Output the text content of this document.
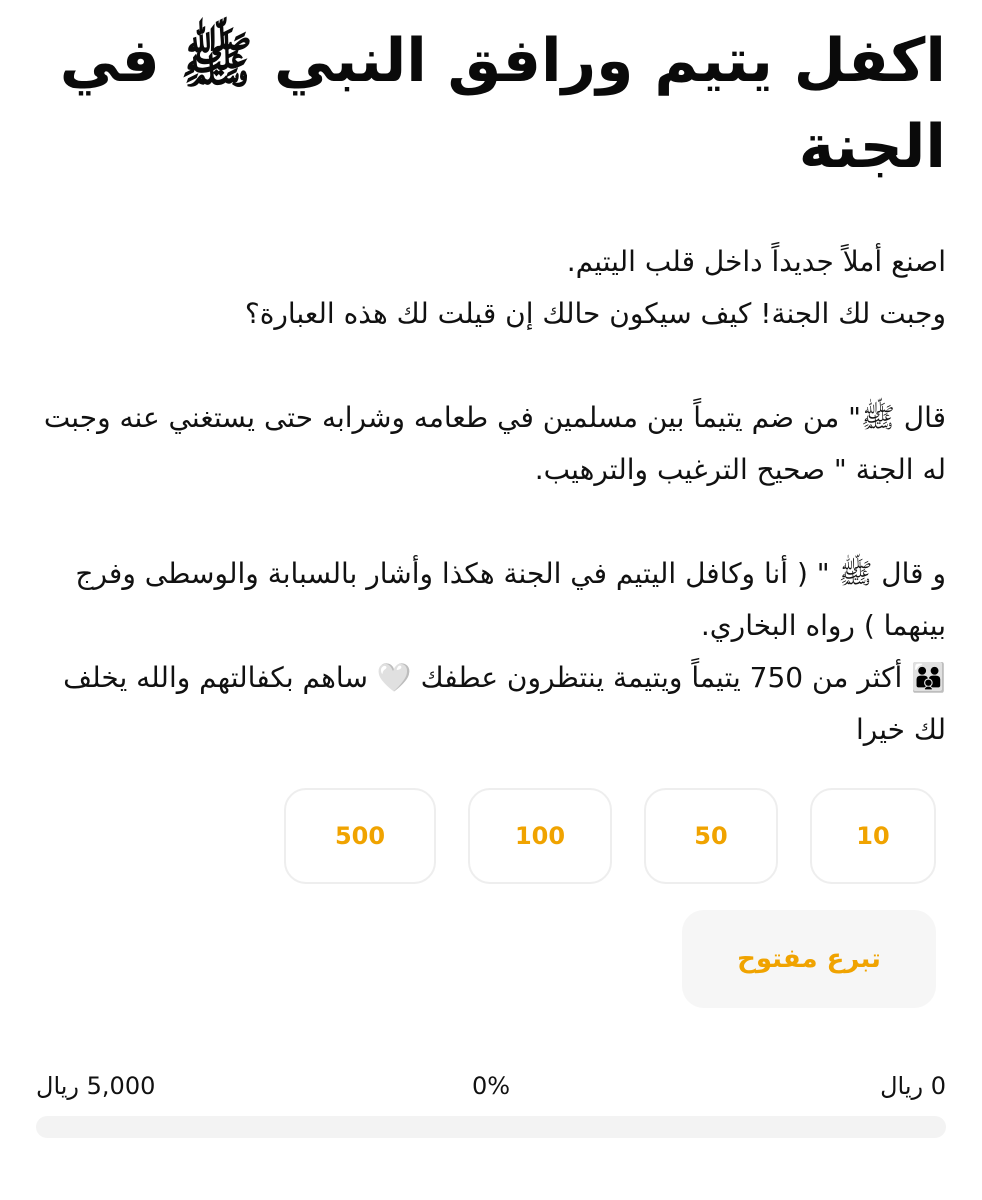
اكفل يتيم ورافق النبي ﷺ في الجنة

اصنع أملاً جديداً داخل قلب اليتيم.

وجبت لك الجنة! كيف سيكون حالك إن قيلت لك هذه العبارة؟

قال ﷺ" من ضم يتيماً بين مسلمين في طعامه وشرابه حتى يستغني عنه وجبت له الجنة " صحيح الترغيب والترهيب.

و قال ﷺ " ( أنا وكافل اليتيم في الجنة هكذا وأشار بالسبابة والوسطى وفرج بينهما ) رواه البخاري.

👪 أكثر من 750 يتيماً ويتيمة ينتظرون عطفك 🤍 ساهم بكفالتهم والله يخلف لك خيرا

10
50
100
500
تبرع مفتوح
0 ريال
0%
5,000 ريال
